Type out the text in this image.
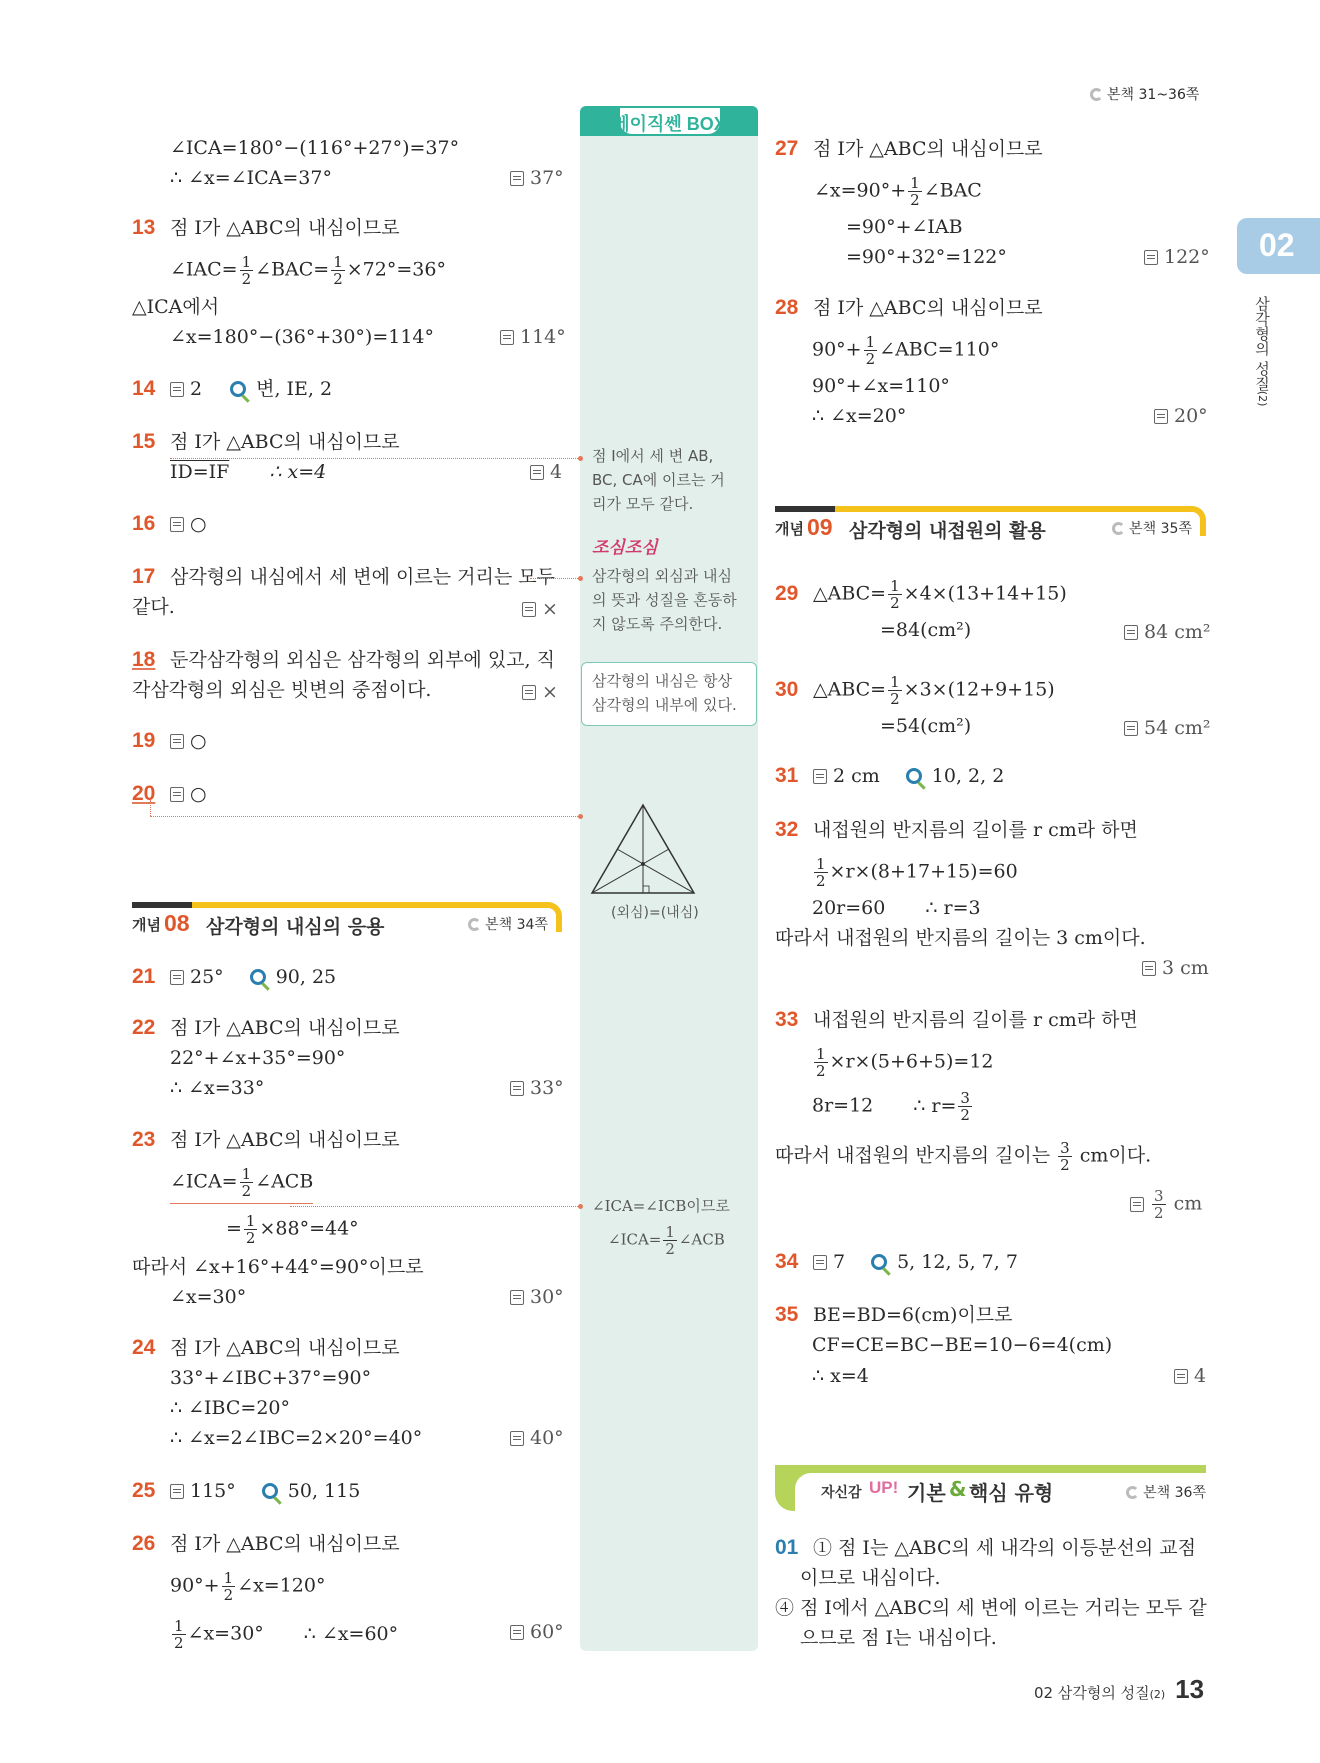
본책 31~36쪽
02
삼각형의 성질(2)
베이직쎈 BOX
점 I에서 세 변 AB,
BC, CA에 이르는 거
리가 모두 같다.
조심조심
삼각형의 외심과 내심
의 뜻과 성질을 혼동하
지 않도록 주의한다.
삼각형의 내심은 항상
삼각형의 내부에 있다.
(외심)=(내심)
∠ICA=∠ICB이므로
∠ICA= $\frac{1}{2}$ ∠ACB
∠ICA=180°−(116°+27°)=37°
∴ ∠x=∠ICA=37°	37°
13 점 I가 △ABC의 내심이므로
∠IAC= $\frac{1}{2}$ ∠BAC= $\frac{1}{2} \times 72^\circ=36^\circ$
△ICA에서
∠x=180°−(36°+30°)=114°	114°
14 2	변, IE, 2
15 점 I가 △ABC의 내심이므로
ID=IF ∴ x=4	4
16 ○
17 삼각형의 내심에서 세 변에 이르는 거리는 모두
같다.	×
18 둔각삼각형의 외심은 삼각형의 외부에 있고, 직
각삼각형의 외심은 빗변의 중점이다.	×
19 ○
20 ○
개념 08 삼각형의 내심의 응용	본책 34쪽
21 25°	90, 25
22 점 I가 △ABC의 내심이므로
22°+∠x+35°=90°
∴ ∠x=33°	33°
23 점 I가 △ABC의 내심이므로
∠ICA= $\frac{1}{2}$ ∠ACB
= $\frac{1}{2} \times 88^\circ=44^\circ$
따라서 ∠x+16°+44°=90°이므로
∠x=30°	30°
24 점 I가 △ABC의 내심이므로
33°+∠IBC+37°=90°
∴ ∠IBC=20°
∴ ∠x=2∠IBC=2×20°=40°	40°
25 115°	50, 115
26 점 I가 △ABC의 내심이므로
$90^\circ+ \frac{1}{2}$ ∠x=120°
$\frac{1}{2}$ ∠x=30° ∴ ∠x=60°	60°
27 점 I가 △ABC의 내심이므로
∠x=90°+ $\frac{1}{2}$ ∠BAC
=90°+∠IAB
=90°+32°=122°	122°
28 점 I가 △ABC의 내심이므로
$90^\circ+ \frac{1}{2}$ ∠ABC=110°
90°+∠x=110°
∴ ∠x=20°	20°
개념 09 삼각형의 내접원의 활용	본책 35쪽
29 △ABC= $\frac{1}{2} \times 4\times(13+14+15)$
=84(cm²)	84 cm²
30 △ABC= $\frac{1}{2} \times 3\times(12+9+15)$
=54(cm²)	54 cm²
31 2 cm	10, 2, 2
32 내접원의 반지름의 길이를 r cm라 하면
$\frac{1}{2} \times r\times(8+17+15)=60$
20r=60 ∴ r=3
따라서 내접원의 반지름의 길이는 3 cm이다.
3 cm
33 내접원의 반지름의 길이를 r cm라 하면
$\frac{1}{2} \times r\times(5+6+5)=12$
8r=12 ∴ $r= \frac{3}{2}$
따라서 내접원의 반지름의 길이는 $\frac{3}{2}$ cm이다.
$\frac{3}{2}$ cm
34 7	5, 12, 5, 7, 7
35 BE=BD=6(cm)이므로
CF=CE=BC−BE=10−6=4(cm)
∴ x=4	4
자신감 UP! 기본 & 핵심 유형	본책 36쪽
01 ① 점 I는 △ABC의 세 내각의 이등분선의 교점
이므로 내심이다.
④ 점 I에서 △ABC의 세 변에 이르는 거리는 모두 같
으므로 점 I는 내심이다.
02 삼각형의 성질(2) 13
